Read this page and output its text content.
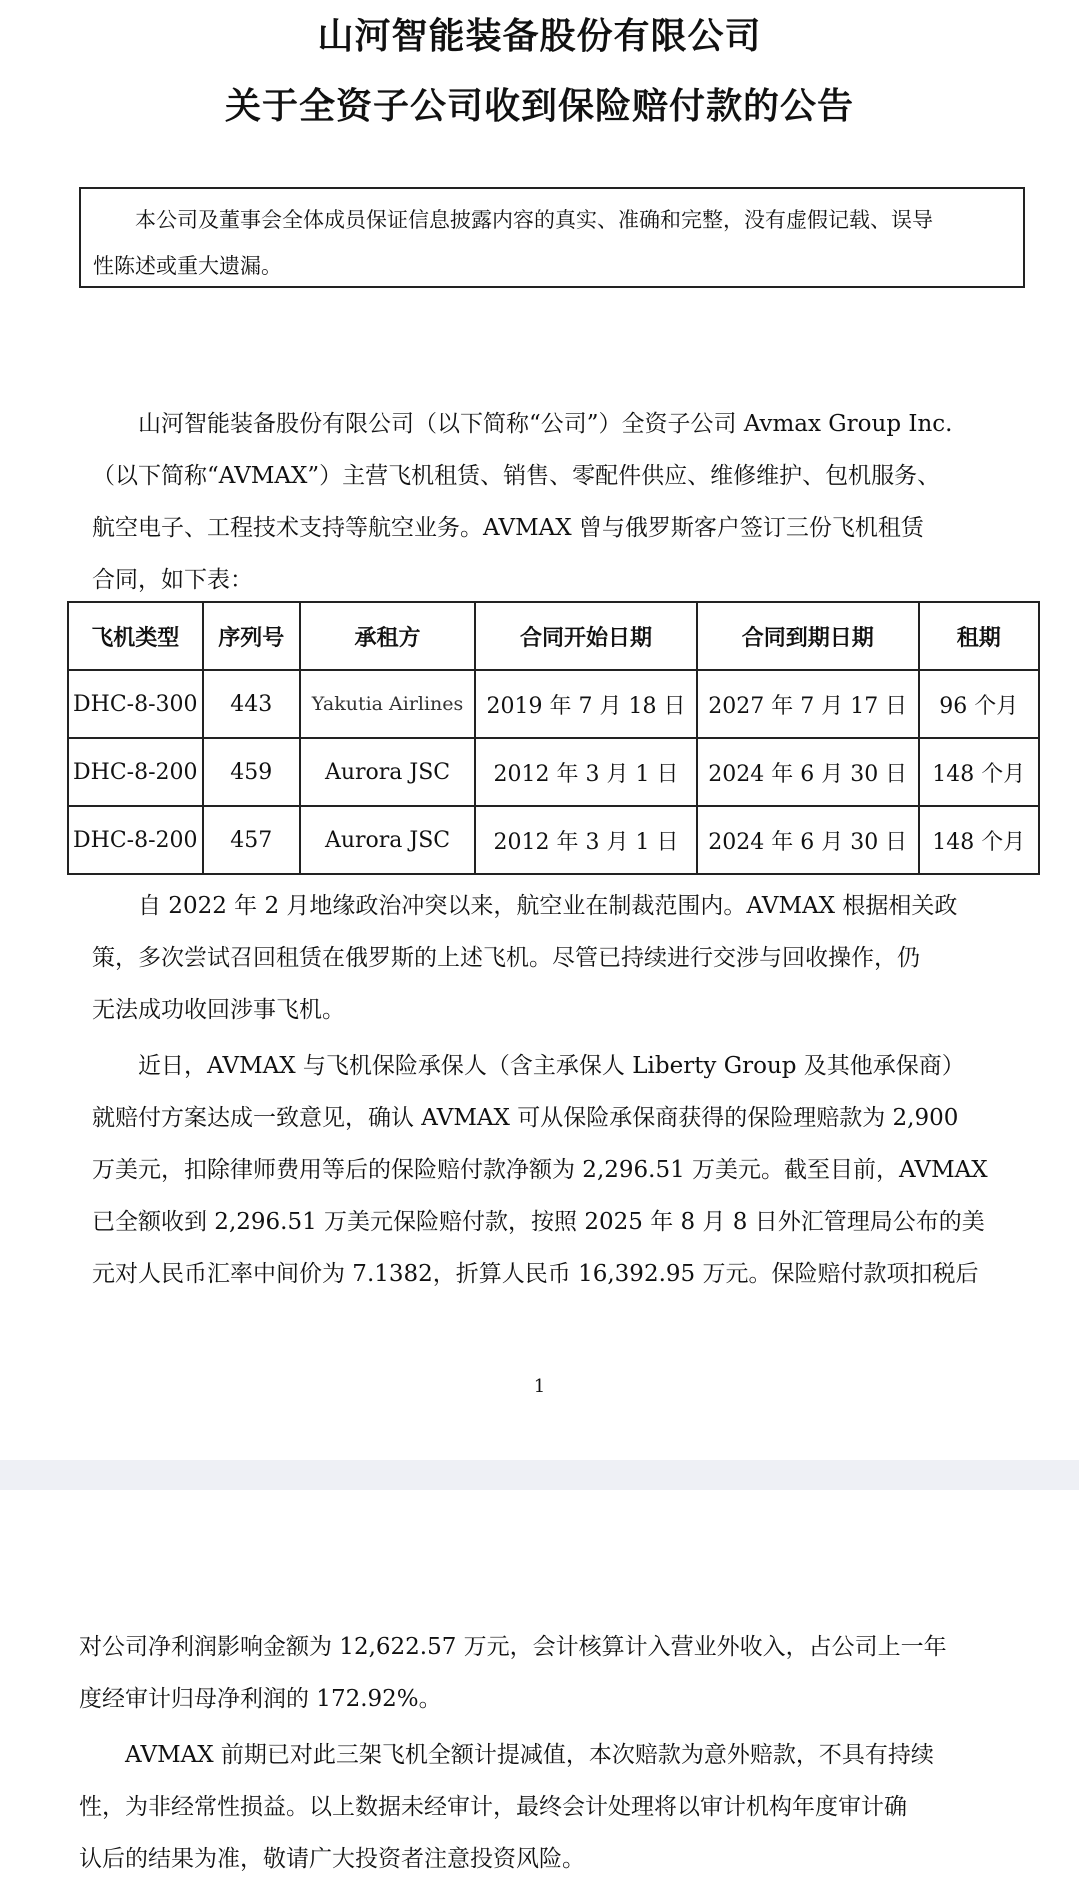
山河智能装备股份有限公司
关于全资子公司收到保险赔付款的公告
本公司及董事会全体成员保证信息披露内容的真实、准确和完整，没有虚假记载、误导
性陈述或重大遗漏。
山河智能装备股份有限公司（以下简称“公司”）全资子公司 Avmax Group Inc.
（以下简称“AVMAX”）主营飞机租赁、销售、零配件供应、维修维护、包机服务、
航空电子、工程技术支持等航空业务。AVMAX 曾与俄罗斯客户签订三份飞机租赁
合同，如下表：
飞机类型	序列号	承租方	合同开始日期	合同到期日期	租期
DHC-8-300	443	Yakutia Airlines	2019 年 7 月 18 日	2027 年 7 月 17 日	96 个月
DHC-8-200	459	Aurora JSC	2012 年 3 月 1 日	2024 年 6 月 30 日	148 个月
DHC-8-200	457	Aurora JSC	2012 年 3 月 1 日	2024 年 6 月 30 日	148 个月
自 2022 年 2 月地缘政治冲突以来，航空业在制裁范围内。AVMAX 根据相关政
策，多次尝试召回租赁在俄罗斯的上述飞机。尽管已持续进行交涉与回收操作，仍
无法成功收回涉事飞机。
近日，AVMAX 与飞机保险承保人（含主承保人 Liberty Group 及其他承保商）
就赔付方案达成一致意见，确认 AVMAX 可从保险承保商获得的保险理赔款为 2,900
万美元，扣除律师费用等后的保险赔付款净额为 2,296.51 万美元。截至目前，AVMAX
已全额收到 2,296.51 万美元保险赔付款，按照 2025 年 8 月 8 日外汇管理局公布的美
元对人民币汇率中间价为 7.1382，折算人民币 16,392.95 万元。保险赔付款项扣税后
1
对公司净利润影响金额为 12,622.57 万元，会计核算计入营业外收入，占公司上一年
度经审计归母净利润的 172.92%。
AVMAX 前期已对此三架飞机全额计提减值，本次赔款为意外赔款，不具有持续
性，为非经常性损益。以上数据未经审计，最终会计处理将以审计机构年度审计确
认后的结果为准，敬请广大投资者注意投资风险。
